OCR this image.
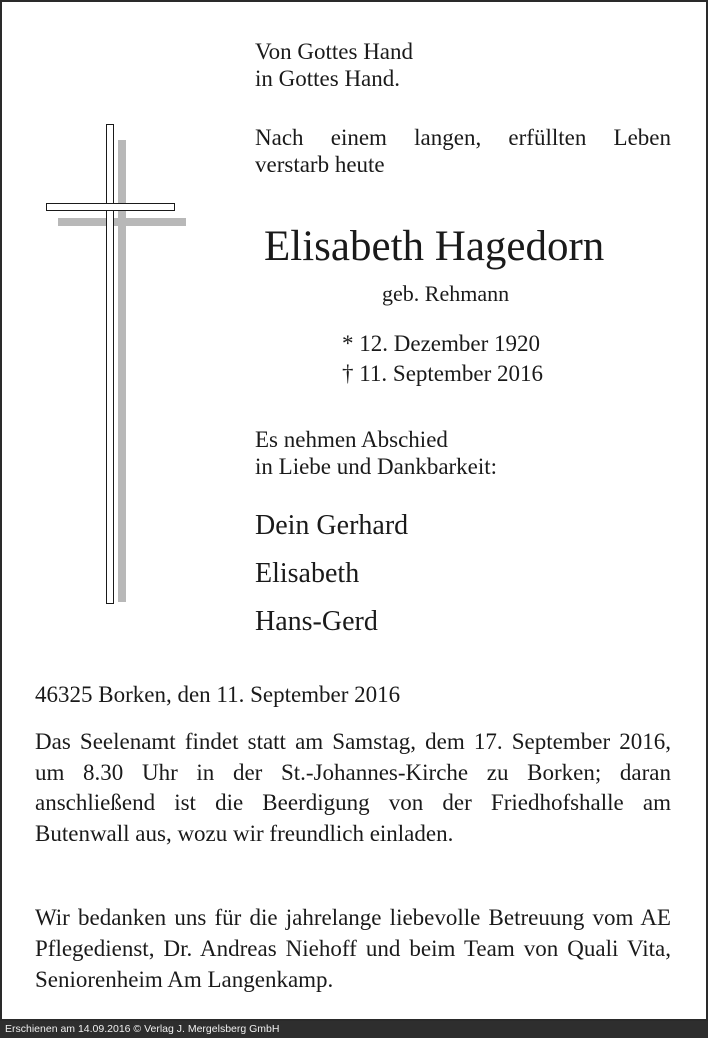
Von Gottes Hand
in Gottes Hand.
Nach einem langen, erfüllten Leben
verstarb heute
Elisabeth Hagedorn
geb. Rehmann
* 12. Dezember 1920
† 11. September 2016
Es nehmen Abschied
in Liebe und Dankbarkeit:
Dein Gerhard
Elisabeth
Hans-Gerd
46325 Borken, den 11. September 2016
Das Seelenamt findet statt am Samstag, dem 17. September 2016, um 8.30 Uhr in der St.-Johannes-Kirche zu Borken; daran anschließend ist die Beerdigung von der Friedhofshalle am Butenwall aus, wozu wir freundlich einladen.
Wir bedanken uns für die jahrelange liebevolle Betreuung vom AE Pflegedienst, Dr. Andreas Niehoff und beim Team von Quali Vita, Seniorenheim Am Langenkamp.
Erschienen am 14.09.2016 © Verlag J. Mergelsberg GmbH
